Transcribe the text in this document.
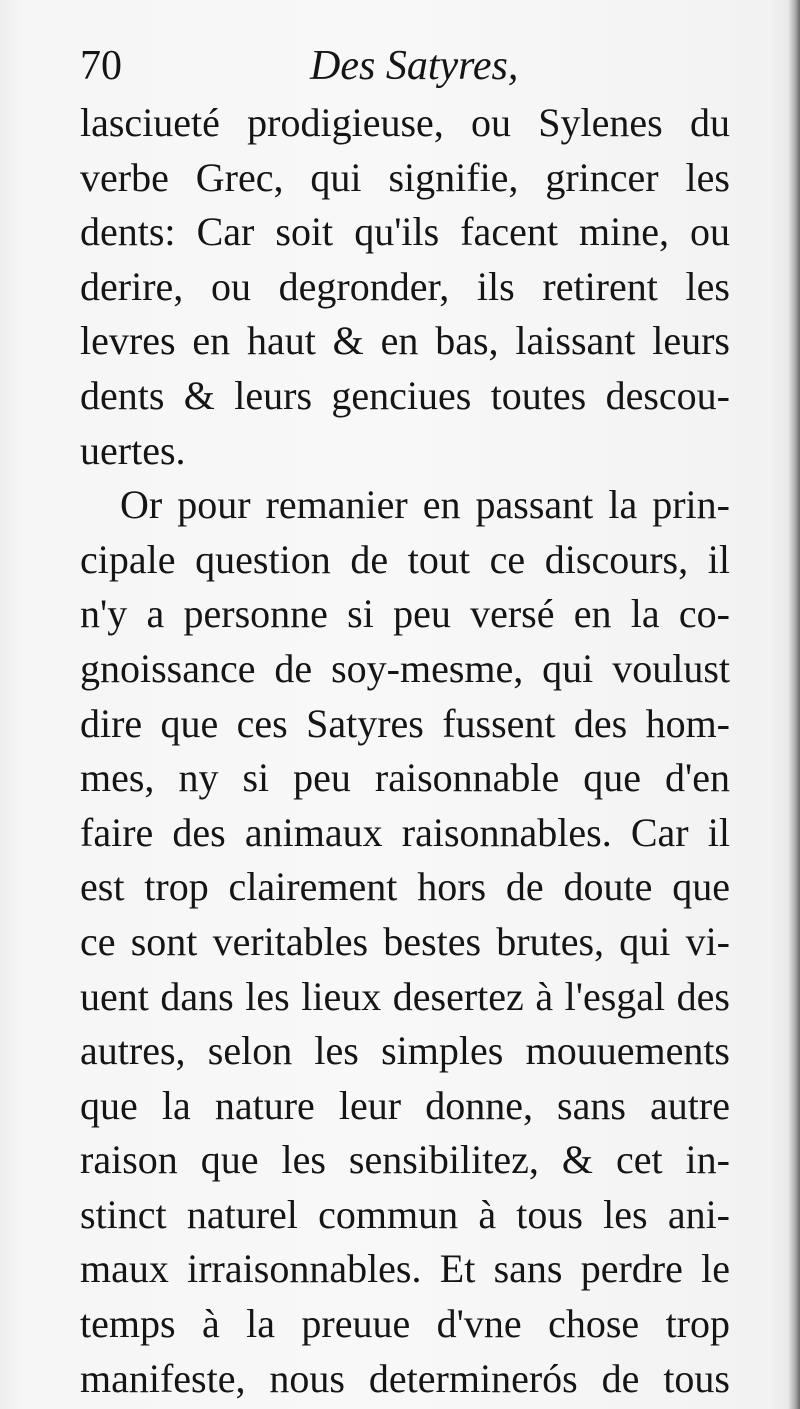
70	Des Satyres,
lasciueté prodigieuse, ou Sylenes du
verbe Grec, qui signifie, grincer les
dents: Car soit qu'ils facent mine, ou
derire, ou degronder, ils retirent les
levres en haut & en bas, laissant leurs
dents & leurs genciues toutes descou-
uertes.
Or pour remanier en passant la prin-
cipale question de tout ce discours, il
n'y a personne si peu versé en la co-
gnoissance de soy-mesme, qui voulust
dire que ces Satyres fussent des hom-
mes, ny si peu raisonnable que d'en
faire des animaux raisonnables. Car il
est trop clairement hors de doute que
ce sont veritables bestes brutes, qui vi-
uent dans les lieux desertez à l'esgal des
autres, selon les simples mouuements
que la nature leur donne, sans autre
raison que les sensibilitez, & cet in-
stinct naturel commun à tous les ani-
maux irraisonnables. Et sans perdre le
temps à la preuue d'vne chose trop
manifeste, nous determinerós de tous
